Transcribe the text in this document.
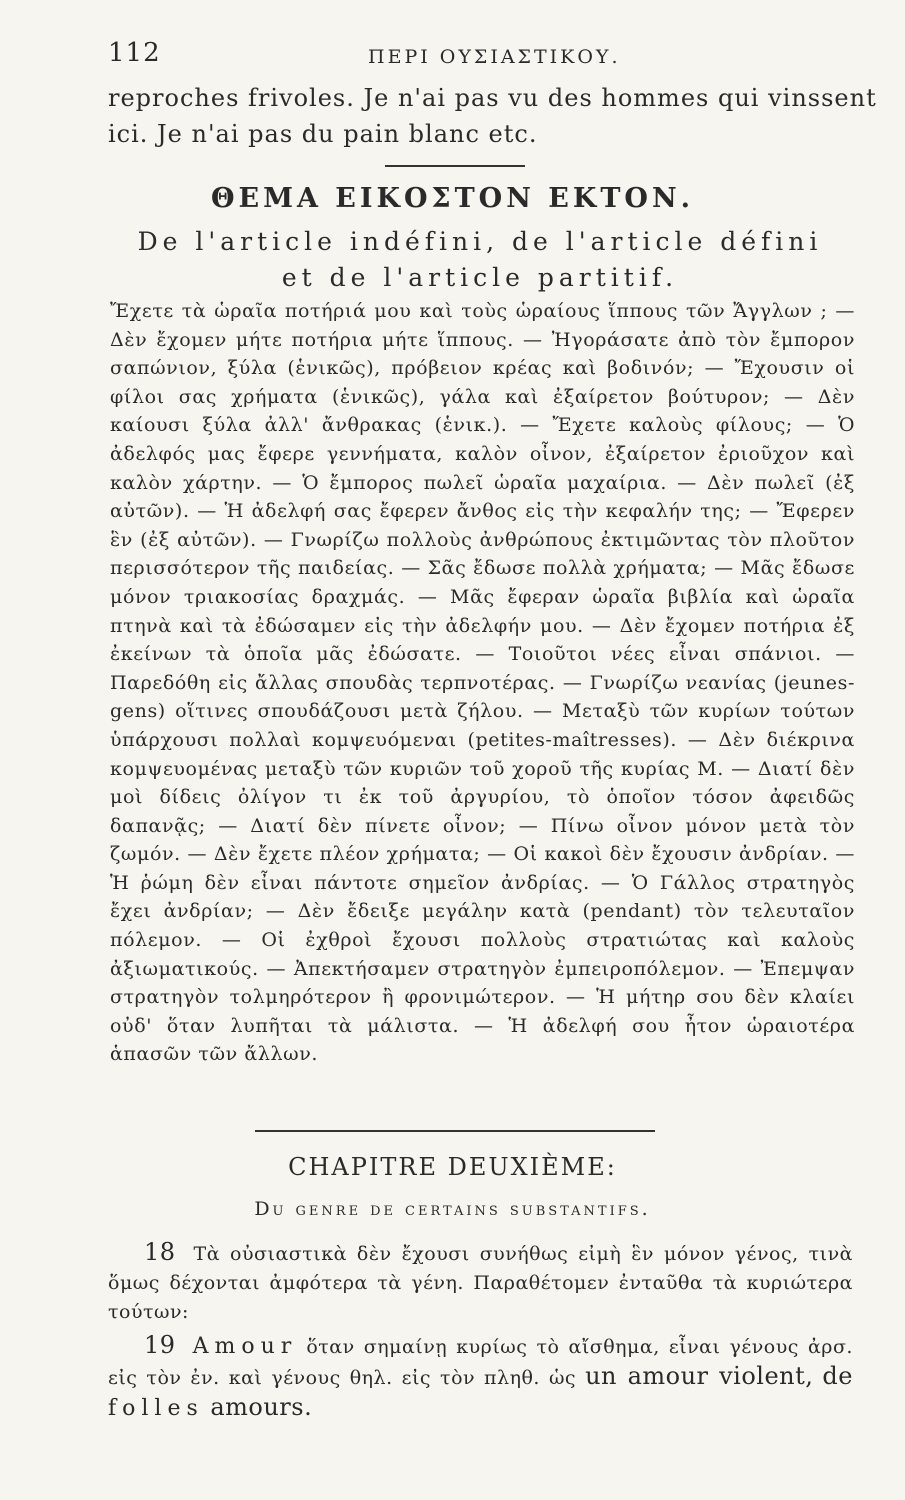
112	ΠΕΡΙ ΟΥΣΙΑΣΤΙΚΟΥ.
reproches frivoles. Je n'ai pas vu des hommes qui vinssent
ici. Je n'ai pas du pain blanc etc.
ΘΕΜΑ ΕΙΚΟΣΤΟΝ ΕΚΤΟΝ.
De l'article indéfini, de l'article défini
et de l'article partitif.
Ἔχετε τὰ ὡραῖα ποτήριά μου καὶ τοὺς ὡραίους ἵππους τῶν Ἄγγλων ; — Δὲν ἔχομεν μήτε ποτήρια μήτε ἵππους. — Ἠγοράσατε ἀπὸ τὸν ἔμπορον σαπώνιον, ξύλα (ἑνικῶς), πρόβειον κρέας καὶ βοδινόν; — Ἔχουσιν οἱ φίλοι σας χρήματα (ἑνικῶς), γάλα καὶ ἐξαίρετον βούτυρον; — Δὲν καίουσι ξύλα ἀλλ' ἄνθρακας (ἑνικ.). — Ἔχετε καλοὺς φίλους; — Ὁ ἀδελφός μας ἔφερε γεννήματα, καλὸν οἶνον, ἐξαίρετον ἐριοῦχον καὶ καλὸν χάρτην. — Ὁ ἔμπορος πωλεῖ ὡραῖα μαχαίρια. — Δὲν πωλεῖ (ἐξ αὐτῶν). — Ἡ ἀδελφή σας ἔφερεν ἄνθος εἰς τὴν κεφαλήν της; — Ἔφερεν ἓν (ἐξ αὐτῶν). — Γνωρίζω πολλοὺς ἀνθρώπους ἐκτιμῶντας τὸν πλοῦτον περισσότερον τῆς παιδείας. — Σᾶς ἔδωσε πολλὰ χρήματα; — Μᾶς ἔδωσε μόνον τριακοσίας δραχμάς. — Μᾶς ἔφεραν ὡραῖα βιβλία καὶ ὡραῖα πτηνὰ καὶ τὰ ἐδώσαμεν εἰς τὴν ἀδελφήν μου. — Δὲν ἔχομεν ποτήρια ἐξ ἐκείνων τὰ ὁποῖα μᾶς ἐδώσατε. — Τοιοῦτοι νέες εἶναι σπάνιοι. — Παρεδόθη εἰς ἄλλας σπουδὰς τερπνοτέρας. — Γνωρίζω νεανίας (jeunes-gens) οἵτινες σπουδάζουσι μετὰ ζήλου. — Μεταξὺ τῶν κυρίων τούτων ὑπάρχουσι πολλαὶ κομψευόμεναι (petites-maîtresses). — Δὲν διέκρινα κομψευομένας μεταξὺ τῶν κυριῶν τοῦ χοροῦ τῆς κυρίας Μ. — Διατί δὲν μοὶ δίδεις ὀλίγον τι ἐκ τοῦ ἀργυρίου, τὸ ὁποῖον τόσον ἀφειδῶς δαπανᾷς; — Διατί δὲν πίνετε οἶνον; — Πίνω οἶνον μόνον μετὰ τὸν ζωμόν. — Δὲν ἔχετε πλέον χρήματα; — Οἱ κακοὶ δὲν ἔχουσιν ἀνδρίαν. — Ἡ ῥώμη δὲν εἶναι πάντοτε σημεῖον ἀνδρίας. — Ὁ Γάλλος στρατηγὸς ἔχει ἀνδρίαν; — Δὲν ἔδειξε μεγάλην κατὰ (pendant) τὸν τελευταῖον πόλεμον. — Οἱ ἐχθροὶ ἔχουσι πολλοὺς στρατιώτας καὶ καλοὺς ἀξιωματικούς. — Ἀπεκτήσαμεν στρατηγὸν ἐμπειροπόλεμον. — Ἐπεμψαν στρατηγὸν τολμηρότερον ἢ φρονιμώτερον. — Ἡ μήτηρ σου δὲν κλαίει οὐδ' ὅταν λυπῆται τὰ μάλιστα. — Ἡ ἀδελφή σου ἦτον ὡραιοτέρα ἁπασῶν τῶν ἄλλων.
CHAPITRE DEUXIÈME:
Du genre de certains substantifs.

18 Τὰ οὐσιαστικὰ δὲν ἔχουσι συνήθως εἰμὴ ἓν μόνον γένος, τινὰ ὅμως δέχονται ἀμφότερα τὰ γένη. Παραθέτομεν ἐνταῦθα τὰ κυριώτερα τούτων:

19 Amour ὅταν σημαίνῃ κυρίως τὸ αἴσθημα, εἶναι γένους ἀρσ. εἰς τὸν ἐν. καὶ γένους θηλ. εἰς τὸν πληθ. ὡς un amour violent, de folles amours.
